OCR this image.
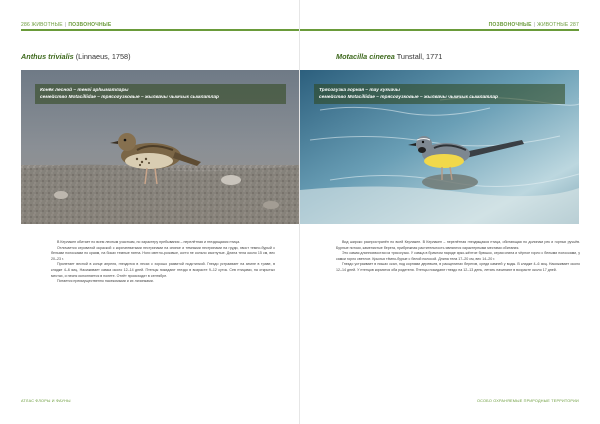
286 ЖИВОТНЫЕ | ПОЗВОНОЧНЫЕ
Anthus trivialis (Linnaeus, 1758)
Конёк лесной – төнгі арһыматлары
семейство Motacillidae – трясогузковые – жылвачы чымчык сымлатлар

В Керлакен обитает по всем лесным участкам, по характеру пребывания – перелётная и гнездящаяся птица.

Отличается сероватой окраской с коричневатыми пестринами на спинке и темными пестринами на груди, хвост темно-бурый с белыми полосками по краям, на боках темные пятна. Ноги светло-розовые, когти не сильно изогнутые. Длина тела около 15 см, вес 20–23 г.

Прилетает весной в конце апреля, гнездится в лесах с хорошо развитой подстилкой. Гнездо устраивает на земле в траве, в кладке 4–6 яиц. Насиживает самка около 12–14 дней. Птенцы покидают гнездо в возрасте 9–12 суток. Сев птицами, на открытых местах, и песня исполняется в полете. Отлёт происходит в сентябре.

Питается преимущественно насекомыми и их личинками.

АТЛАС ФЛОРЫ И ФАУНЫ
ПОЗВОНОЧНЫЕ | ЖИВОТНЫЕ 287
Motacilla cinerea Tunstall, 1771
Трясогузка горная – тау кукчачы
семейство Motacillidae – трясогузковые – жылвачы чымчык сымлатлар

Вид широко распространён по всей Керлакен. В Керлакен – перелётная гнездящаяся птица, обитающая по долинам рек и горных ручьёв. Бурные потоки, каменистые берега, прибрежная растительность являются характерными местами обитания.

Это самая длиннохвостая из трясогузок. У самца в брачном наряде ярко-жёлтое брюшко, серая спина и чёрное горло с белыми полосками, у самки горло светлое. Крылья тёмно-бурые с белой полосой. Длина тела 17–20 см, вес 14–20 г.

Гнездо устраивает в нишах скал, под корнями деревьев, в расщелинах берегов, среди камней у воды. В кладке 4–6 яиц. Насиживает около 12–14 дней. У птенцов кормятся оба родителя. Птенцы покидают гнездо на 12–13 день, летать начинают в возрасте около 17 дней.

ОСОБО ОХРАНЯЕМЫЕ ПРИРОДНЫЕ ТЕРРИТОРИИ
